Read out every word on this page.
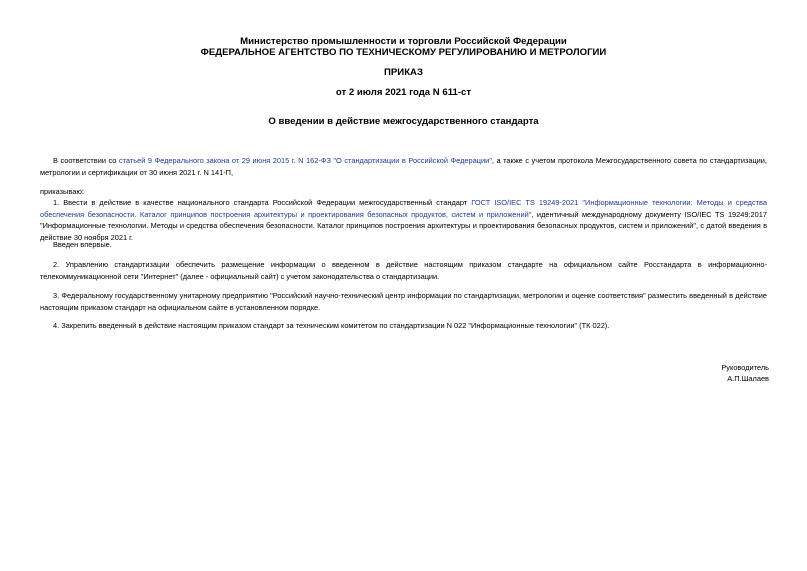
Министерство промышленности и торговли Российской Федерации
ФЕДЕРАЛЬНОЕ АГЕНТСТВО ПО ТЕХНИЧЕСКОМУ РЕГУЛИРОВАНИЮ И МЕТРОЛОГИИ
ПРИКАЗ
от 2 июля 2021 года N 611-ст
О введении в действие межгосударственного стандарта
В соответствии со статьей 9 Федерального закона от 29 июня 2015 г. N 162-ФЗ "О стандартизации в Российской Федерации", а также с учетом протокола Межгосударственного совета по стандартизации, метрологии и сертификации от 30 июня 2021 г. N 141-П,
приказываю:
1. Ввести в действие в качестве национального стандарта Российской Федерации межгосударственный стандарт ГОСТ ISO/IEC TS 19249-2021 "Информационные технологии. Методы и средства обеспечения безопасности. Каталог принципов построения архитектуры и проектирования безопасных продуктов, систем и приложений", идентичный международному документу ISO/IEC TS 19249:2017 "Информационные технологии. Методы и средства обеспечения безопасности. Каталог принципов построения архитектуры и проектирования безопасных продуктов, систем и приложений", с датой введения в действие 30 ноября 2021 г.
Введен впервые.
2. Управлению стандартизации обеспечить размещение информации о введенном в действие настоящим приказом стандарте на официальном сайте Росстандарта в информационно-телекоммуникационной сети "Интернет" (далее - официальный сайт) с учетом законодательства о стандартизации.
3. Федеральному государственному унитарному предприятию "Российский научно-технический центр информации по стандартизации, метрологии и оценке соответствия" разместить введенный в действие настоящим приказом стандарт на официальном сайте в установленном порядке.
4. Закрепить введенный в действие настоящим приказом стандарт за техническим комитетом по стандартизации N 022 "Информационные технологии" (ТК 022).
Руководитель
А.П.Шалаев
